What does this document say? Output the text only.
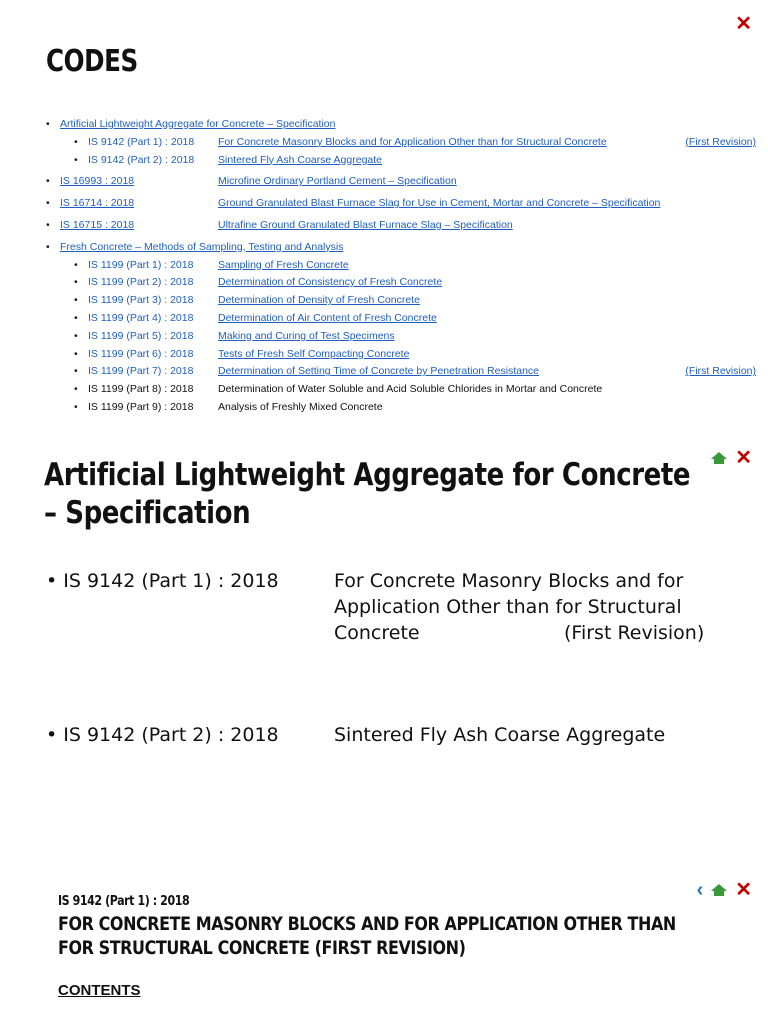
✕
CODES
• Artificial Lightweight Aggregate for Concrete – Specification
• IS 9142 (Part 1) : 2018 For Concrete Masonry Blocks and for Application Other than for Structural Concrete	(First Revision)
• IS 9142 (Part 2) : 2018 Sintered Fly Ash Coarse Aggregate
• IS 16993 : 2018	Microfine Ordinary Portland Cement – Specification
• IS 16714 : 2018	Ground Granulated Blast Furnace Slag for Use in Cement, Mortar and Concrete – Specification
• IS 16715 : 2018	Ultrafine Ground Granulated Blast Furnace Slag – Specification
• Fresh Concrete – Methods of Sampling, Testing and Analysis
• IS 1199 (Part 1) : 2018 Sampling of Fresh Concrete
• IS 1199 (Part 2) : 2018 Determination of Consistency of Fresh Concrete
• IS 1199 (Part 3) : 2018 Determination of Density of Fresh Concrete
• IS 1199 (Part 4) : 2018 Determination of Air Content of Fresh Concrete
• IS 1199 (Part 5) : 2018 Making and Curing of Test Specimens
• IS 1199 (Part 6) : 2018 Tests of Fresh Self Compacting Concrete
• IS 1199 (Part 7) : 2018 Determination of Setting Time of Concrete by Penetration Resistance	(First Revision)
• IS 1199 (Part 8) : 2018 Determination of Water Soluble and Acid Soluble Chlorides in Mortar and Concrete
• IS 1199 (Part 9) : 2018 Analysis of Freshly Mixed Concrete
✕
Artificial Lightweight Aggregate for Concrete – Specification
• IS 9142 (Part 1) : 2018	For Concrete Masonry Blocks and for Application Other than for Structural Concrete	(First Revision)
• IS 9142 (Part 2) : 2018	Sintered Fly Ash Coarse Aggregate
‹ ✕
IS 9142 (Part 1) : 2018
FOR CONCRETE MASONRY BLOCKS AND FOR APPLICATION OTHER THAN FOR STRUCTURAL CONCRETE (FIRST REVISION)
CONTENTS
